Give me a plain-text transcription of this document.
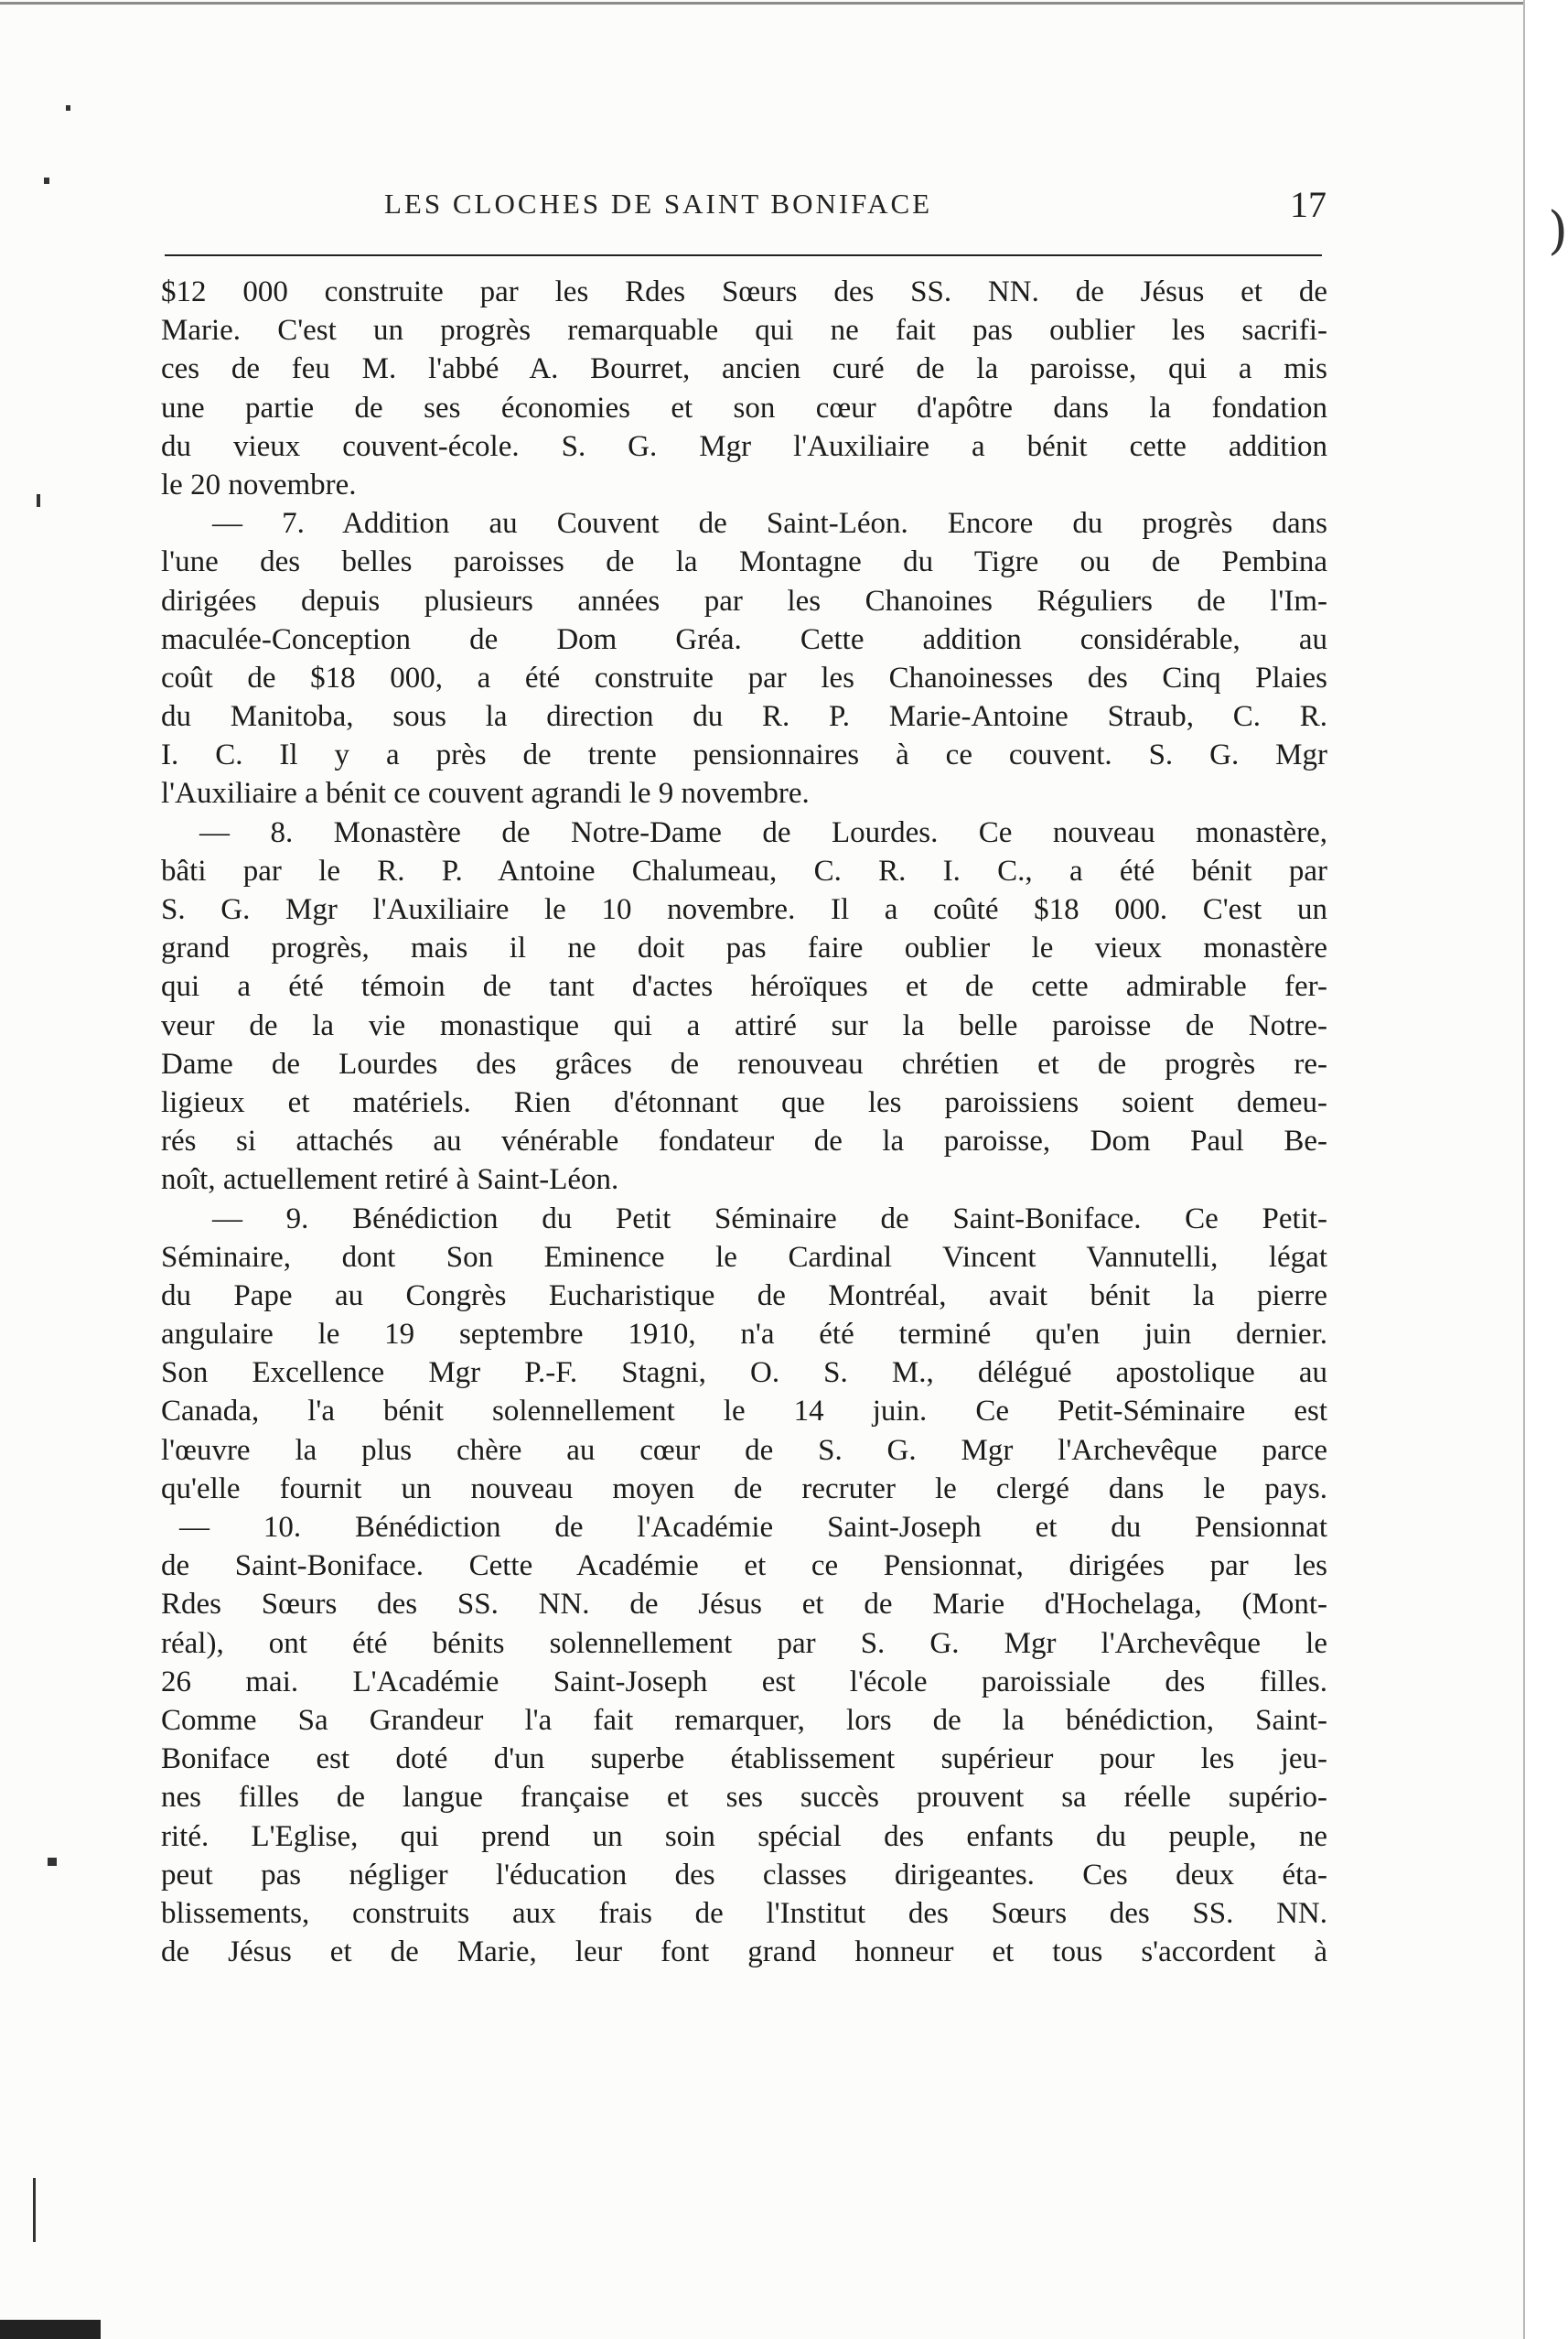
)
LES CLOCHES DE SAINT BONIFACE	17
$12 000 construite par les Rdes Sœurs des SS. NN. de Jésus et de
Marie. C'est un progrès remarquable qui ne fait pas oublier les sacrifi-
ces de feu M. l'abbé A. Bourret, ancien curé de la paroisse, qui a mis
une partie de ses économies et son cœur d'apôtre dans la fondation
du vieux couvent-école. S. G. Mgr l'Auxiliaire a bénit cette addition
le 20 novembre.
— 7. Addition au Couvent de Saint-Léon. Encore du progrès dans
l'une des belles paroisses de la Montagne du Tigre ou de Pembina
dirigées depuis plusieurs années par les Chanoines Réguliers de l'Im-
maculée-Conception de Dom Gréa. Cette addition considérable, au
coût de $18 000, a été construite par les Chanoinesses des Cinq Plaies
du Manitoba, sous la direction du R. P. Marie-Antoine Straub, C. R.
I. C. Il y a près de trente pensionnaires à ce couvent. S. G. Mgr
l'Auxiliaire a bénit ce couvent agrandi le 9 novembre.
— 8. Monastère de Notre-Dame de Lourdes. Ce nouveau monastère,
bâti par le R. P. Antoine Chalumeau, C. R. I. C., a été bénit par
S. G. Mgr l'Auxiliaire le 10 novembre. Il a coûté $18 000. C'est un
grand progrès, mais il ne doit pas faire oublier le vieux monastère
qui a été témoin de tant d'actes héroïques et de cette admirable fer-
veur de la vie monastique qui a attiré sur la belle paroisse de Notre-
Dame de Lourdes des grâces de renouveau chrétien et de progrès re-
ligieux et matériels. Rien d'étonnant que les paroissiens soient demeu-
rés si attachés au vénérable fondateur de la paroisse, Dom Paul Be-
noît, actuellement retiré à Saint-Léon.
— 9. Bénédiction du Petit Séminaire de Saint-Boniface. Ce Petit-
Séminaire, dont Son Eminence le Cardinal Vincent Vannutelli, légat
du Pape au Congrès Eucharistique de Montréal, avait bénit la pierre
angulaire le 19 septembre 1910, n'a été terminé qu'en juin dernier.
Son Excellence Mgr P.-F. Stagni, O. S. M., délégué apostolique au
Canada, l'a bénit solennellement le 14 juin. Ce Petit-Séminaire est
l'œuvre la plus chère au cœur de S. G. Mgr l'Archevêque parce
qu'elle fournit un nouveau moyen de recruter le clergé dans le pays.
— 10. Bénédiction de l'Académie Saint-Joseph et du Pensionnat
de Saint-Boniface. Cette Académie et ce Pensionnat, dirigées par les
Rdes Sœurs des SS. NN. de Jésus et de Marie d'Hochelaga, (Mont-
réal), ont été bénits solennellement par S. G. Mgr l'Archevêque le
26 mai. L'Académie Saint-Joseph est l'école paroissiale des filles.
Comme Sa Grandeur l'a fait remarquer, lors de la bénédiction, Saint-
Boniface est doté d'un superbe établissement supérieur pour les jeu-
nes filles de langue française et ses succès prouvent sa réelle supério-
rité. L'Eglise, qui prend un soin spécial des enfants du peuple, ne
peut pas négliger l'éducation des classes dirigeantes. Ces deux éta-
blissements, construits aux frais de l'Institut des Sœurs des SS. NN.
de Jésus et de Marie, leur font grand honneur et tous s'accordent à
